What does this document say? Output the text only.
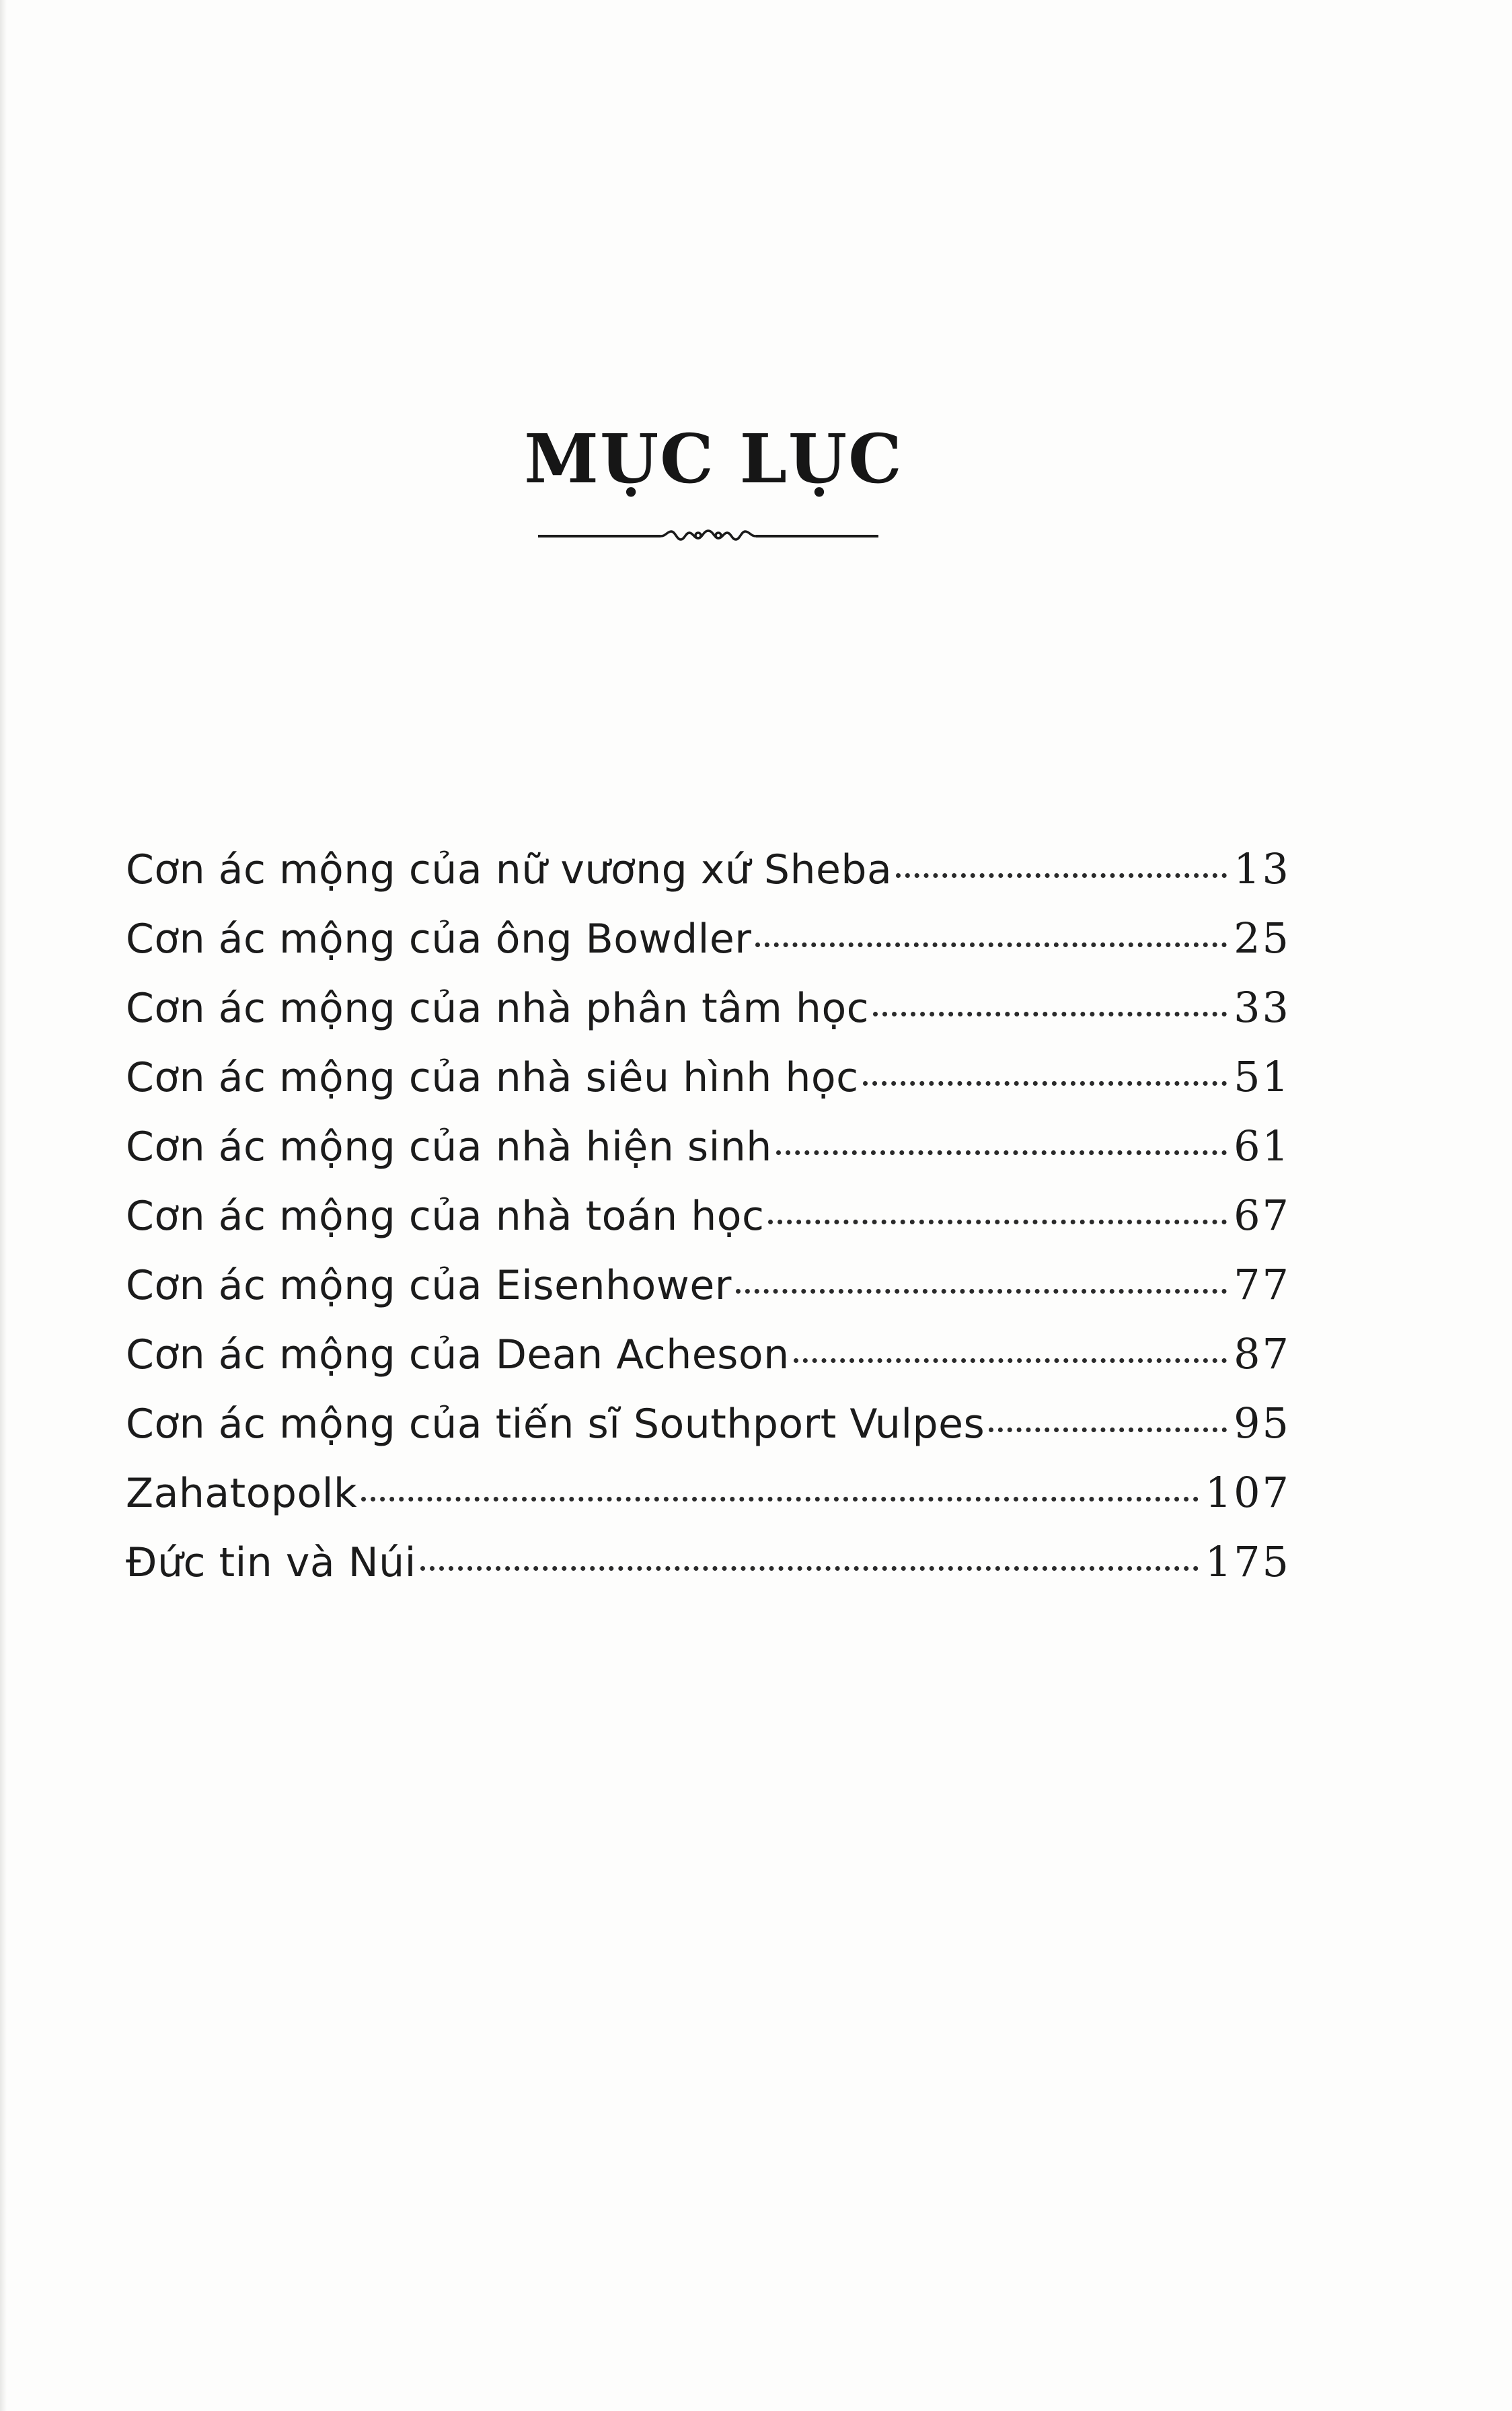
MỤC LỤC
Cơn ác mộng của nữ vương xứ Sheba	13
Cơn ác mộng của ông Bowdler	25
Cơn ác mộng của nhà phân tâm học	33
Cơn ác mộng của nhà siêu hình học	51
Cơn ác mộng của nhà hiện sinh	61
Cơn ác mộng của nhà toán học	67
Cơn ác mộng của Eisenhower	77
Cơn ác mộng của Dean Acheson	87
Cơn ác mộng của tiến sĩ Southport Vulpes	95
Zahatopolk	107
Đức tin và Núi	175
